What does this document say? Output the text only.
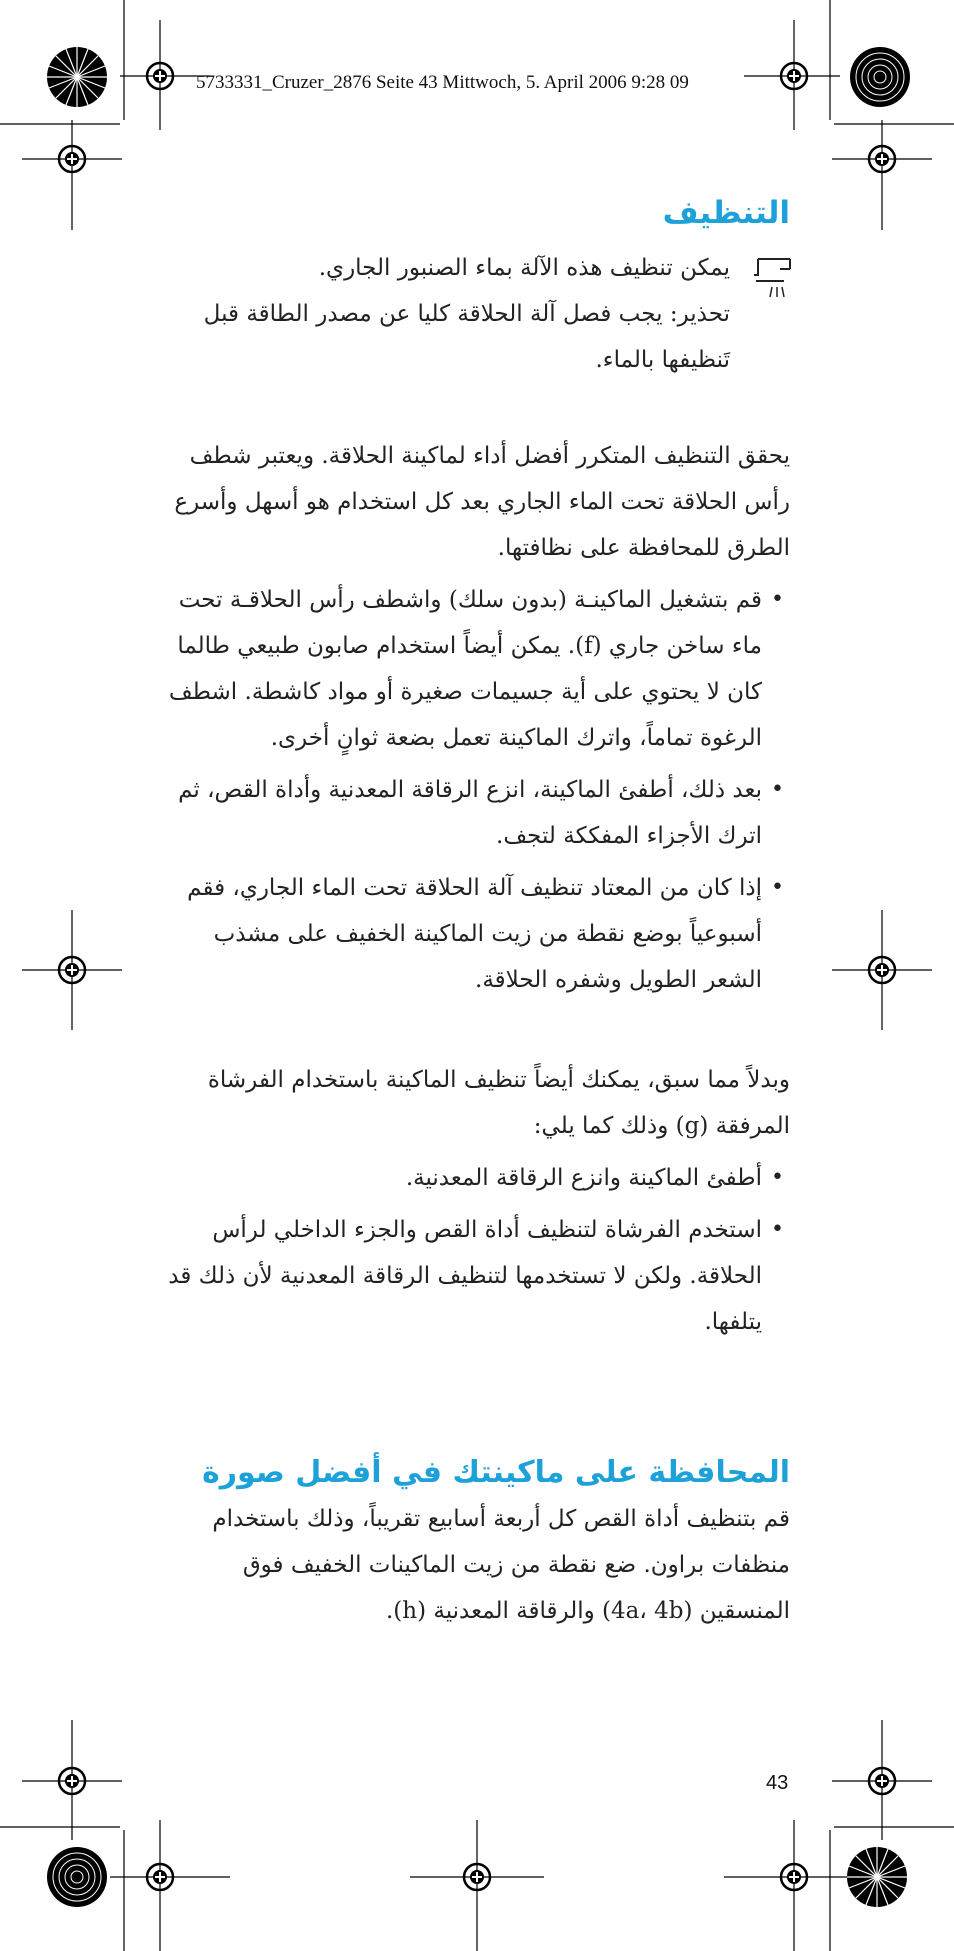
5733331_Cruzer_2876 Seite 43 Mittwoch, 5. April 2006 9:28 09
التنظيف

يمكن تنظيف هذه الآلة بماء الصنبور الجاري.

تحذير: يجب فصل آلة الحلاقة كليا عن مصدر الطاقة قبل تَنظيفها بالماء.

يحقق التنظيف المتكرر أفضل أداء لماكينة الحلاقة. ويعتبر شطف رأس الحلاقة تحت الماء الجاري بعد كل استخدام هو أسهل وأسرع الطرق للمحافظة على نظافتها.

•
قم بتشغيل الماكينـة (بدون سلك) واشطف رأس الحلاقـة تحت ماء ساخن جاري (f). يمكن أيضاً استخدام صابون طبيعي طالما كان لا يحتوي على أية جسيمات صغيرة أو مواد كاشطة. اشطف الرغوة تماماً، واترك الماكينة تعمل بضعة ثوانٍ أخرى.
•
بعد ذلك، أطفئ الماكينة، انزع الرقاقة المعدنية وأداة القص، ثم اترك الأجزاء المفككة لتجف.
•
إذا كان من المعتاد تنظيف آلة الحلاقة تحت الماء الجاري، فقم أسبوعياً بوضع نقطة من زيت الماكينة الخفيف على مشذب الشعر الطويل وشفره الحلاقة.

وبدلاً مما سبق، يمكنك أيضاً تنظيف الماكينة باستخدام الفرشاة المرفقة (g) وذلك كما يلي:

•
أطفئ الماكينة وانزع الرقاقة المعدنية.
•
استخدم الفرشاة لتنظيف أداة القص والجزء الداخلي لرأس الحلاقة. ولكن لا تستخدمها لتنظيف الرقاقة المعدنية لأن ذلك قد يتلفها.
المحافظة على ماكينتك في أفضل صورة

قم بتنظيف أداة القص كل أربعة أسابيع تقريباً، وذلك باستخدام منظفات براون. ضع نقطة من زيت الماكينات الخفيف فوق المنسقين (4a، 4b) والرقاقة المعدنية (h).

43
